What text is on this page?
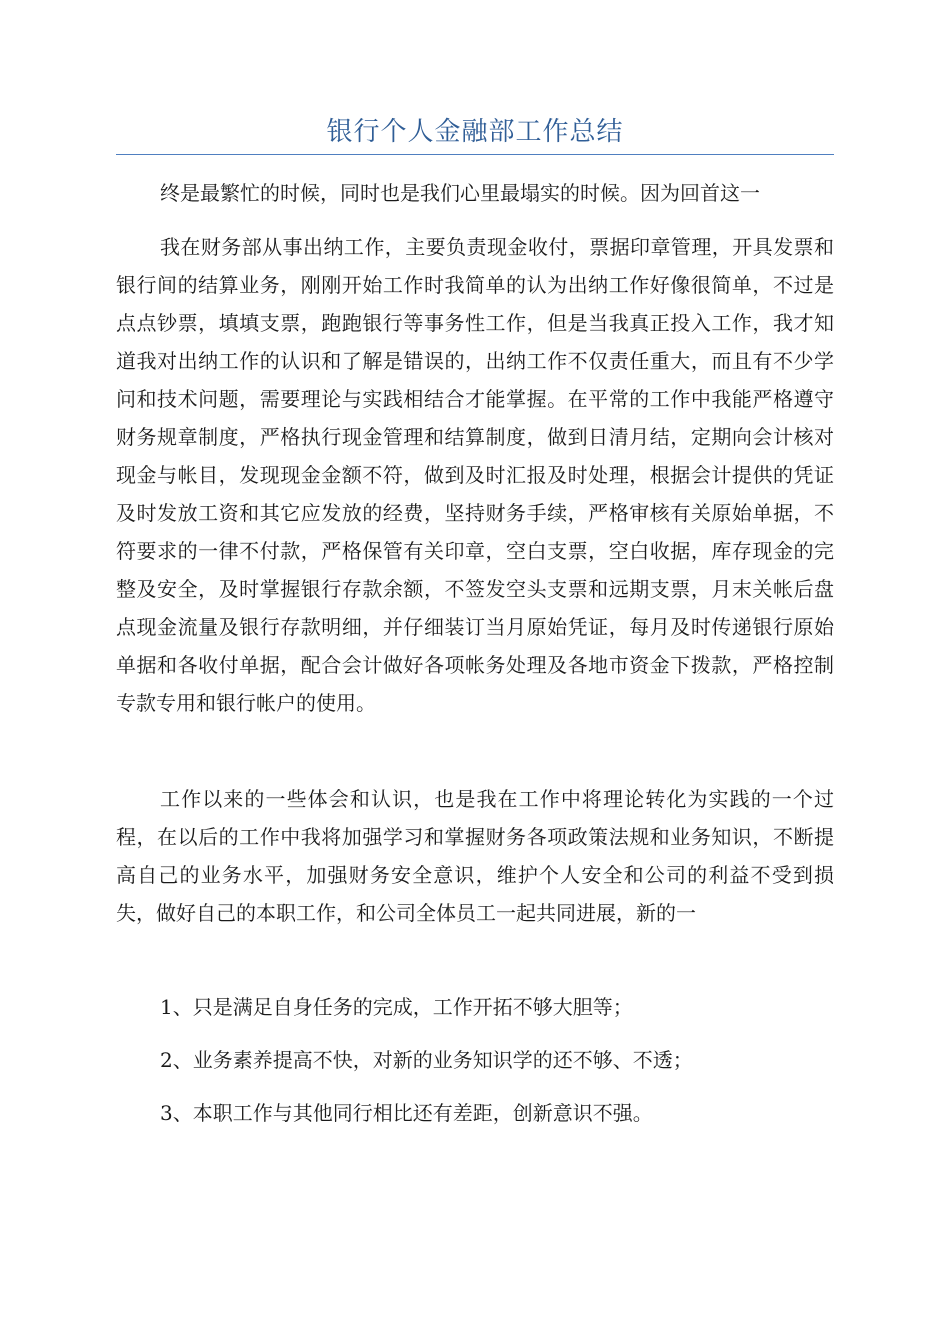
银行个人金融部工作总结

终是最繁忙的时候，同时也是我们心里最塌实的时候。因为回首这一

我在财务部从事出纳工作，主要负责现金收付，票据印章管理，开具发票和银行间的结算业务，刚刚开始工作时我简单的认为出纳工作好像很简单，不过是点点钞票，填填支票，跑跑银行等事务性工作，但是当我真正投入工作，我才知道我对出纳工作的认识和了解是错误的，出纳工作不仅责任重大，而且有不少学问和技术问题，需要理论与实践相结合才能掌握。在平常的工作中我能严格遵守财务规章制度，严格执行现金管理和结算制度，做到日清月结，定期向会计核对现金与帐目，发现现金金额不符，做到及时汇报及时处理，根据会计提供的凭证及时发放工资和其它应发放的经费，坚持财务手续，严格审核有关原始单据，不符要求的一律不付款，严格保管有关印章，空白支票，空白收据，库存现金的完整及安全，及时掌握银行存款余额，不签发空头支票和远期支票，月末关帐后盘点现金流量及银行存款明细，并仔细装订当月原始凭证，每月及时传递银行原始单据和各收付单据，配合会计做好各项帐务处理及各地市资金下拨款，严格控制专款专用和银行帐户的使用。

工作以来的一些体会和认识，也是我在工作中将理论转化为实践的一个过程，在以后的工作中我将加强学习和掌握财务各项政策法规和业务知识，不断提高自己的业务水平，加强财务安全意识，维护个人安全和公司的利益不受到损失，做好自己的本职工作，和公司全体员工一起共同进展，新的一

1、只是满足自身任务的完成，工作开拓不够大胆等；

2、业务素养提高不快，对新的业务知识学的还不够、不透；

3、本职工作与其他同行相比还有差距，创新意识不强。
